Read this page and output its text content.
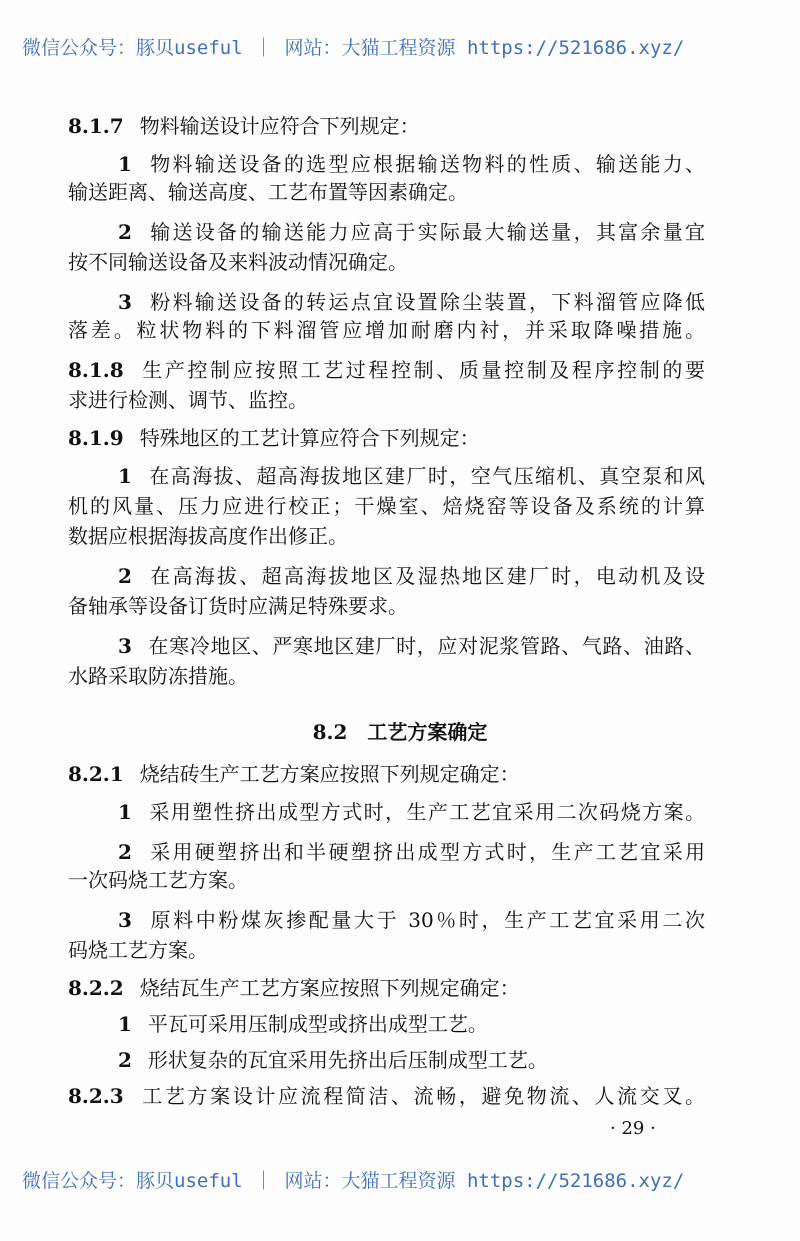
微信公众号：豚贝useful ｜ 网站：大猫工程资源 https://521686.xyz/
8.1.7 物料输送设计应符合下列规定：
1 物料输送设备的选型应根据输送物料的性质、输送能力、
输送距离、输送高度、工艺布置等因素确定。
2 输送设备的输送能力应高于实际最大输送量，其富余量宜
按不同输送设备及来料波动情况确定。
3 粉料输送设备的转运点宜设置除尘装置，下料溜管应降低
落差。粒状物料的下料溜管应增加耐磨内衬，并采取降噪措施。
8.1.8 生产控制应按照工艺过程控制、质量控制及程序控制的要
求进行检测、调节、监控。
8.1.9 特殊地区的工艺计算应符合下列规定：
1 在高海拔、超高海拔地区建厂时，空气压缩机、真空泵和风
机的风量、压力应进行校正；干燥室、焙烧窑等设备及系统的计算
数据应根据海拔高度作出修正。
2 在高海拔、超高海拔地区及湿热地区建厂时，电动机及设
备轴承等设备订货时应满足特殊要求。
3 在寒冷地区、严寒地区建厂时，应对泥浆管路、气路、油路、
水路采取防冻措施。
8.2.1 烧结砖生产工艺方案应按照下列规定确定：
1 采用塑性挤出成型方式时，生产工艺宜采用二次码烧方案。
2 采用硬塑挤出和半硬塑挤出成型方式时，生产工艺宜采用
一次码烧工艺方案。
3 原料中粉煤灰掺配量大于 30％时，生产工艺宜采用二次
码烧工艺方案。
8.2.2 烧结瓦生产工艺方案应按照下列规定确定：
1 平瓦可采用压制成型或挤出成型工艺。
2 形状复杂的瓦宜采用先挤出后压制成型工艺。
8.2.3 工艺方案设计应流程简洁、流畅，避免物流、人流交叉。
8.2　工艺方案确定
· 29 ·
微信公众号：豚贝useful ｜ 网站：大猫工程资源 https://521686.xyz/
